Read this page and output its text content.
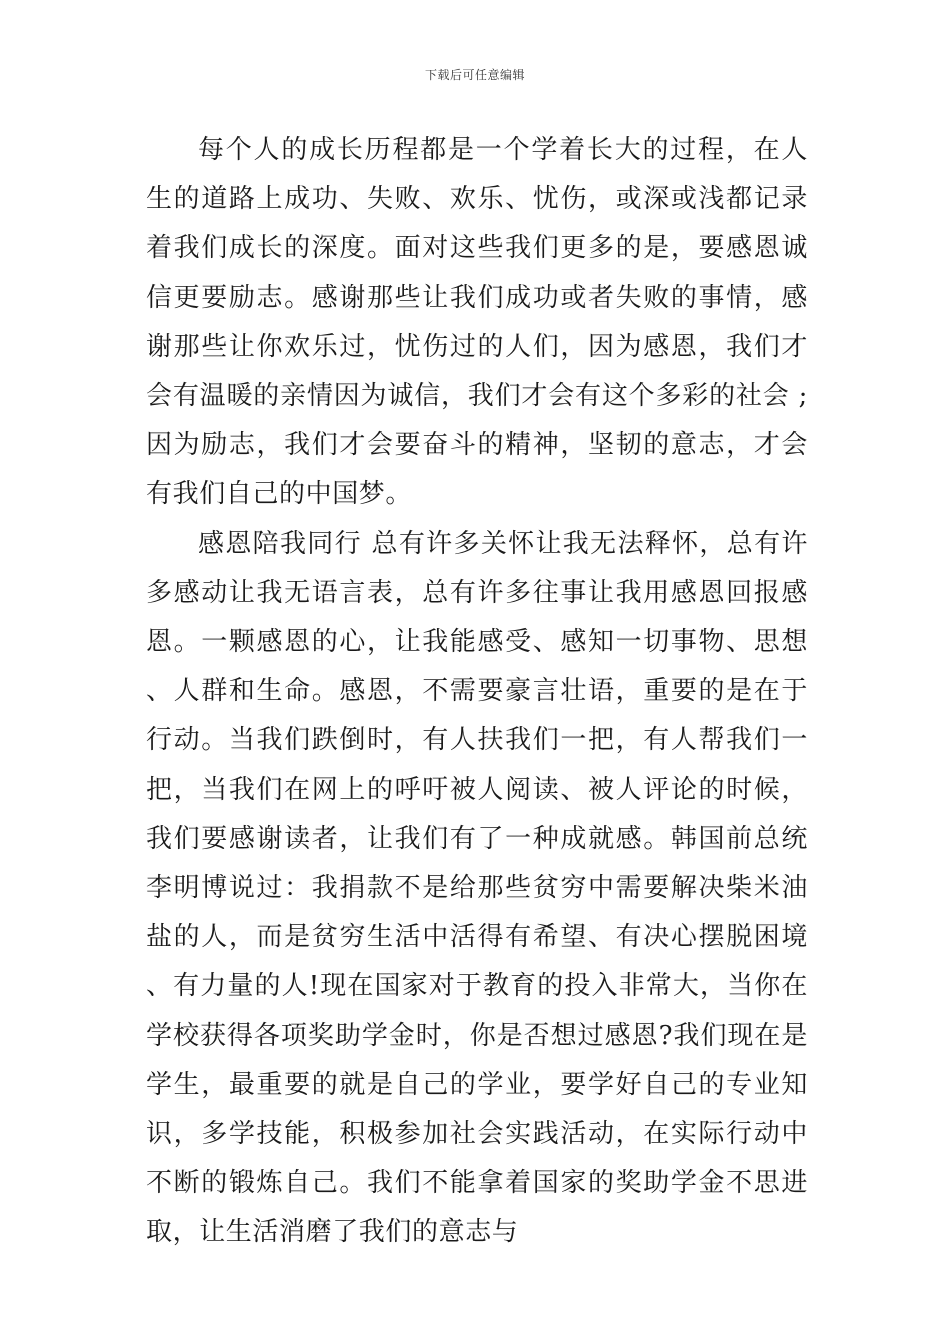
下载后可任意编辑

每个人的成长历程都是一个学着长大的过程，在人生的道路上成功、失败、欢乐、忧伤，或深或浅都记录着我们成长的深度。面对这些我们更多的是，要感恩诚信更要励志。感谢那些让我们成功或者失败的事情，感谢那些让你欢乐过，忧伤过的人们，因为感恩，我们才会有温暖的亲情因为诚信，我们才会有这个多彩的社会 ;因为励志，我们才会要奋斗的精神，坚韧的意志，才会有我们自己的中国梦。

感恩陪我同行 总有许多关怀让我无法释怀，总有许多感动让我无语言表，总有许多往事让我用感恩回报感恩。一颗感恩的心，让我能感受、感知一切事物、思想、人群和生命。感恩，不需要豪言壮语，重要的是在于行动。当我们跌倒时，有人扶我们一把，有人帮我们一把，当我们在网上的呼吁被人阅读、被人评论的时候，我们要感谢读者，让我们有了一种成就感。韩国前总统李明博说过：我捐款不是给那些贫穷中需要解决柴米油盐的人，而是贫穷生活中活得有希望、有决心摆脱困境、有力量的人!现在国家对于教育的投入非常大，当你在学校获得各项奖助学金时，你是否想过感恩?我们现在是学生，最重要的就是自己的学业，要学好自己的专业知识，多学技能，积极参加社会实践活动，在实际行动中不断的锻炼自己。我们不能拿着国家的奖助学金不思进取，让生活消磨了我们的意志与
